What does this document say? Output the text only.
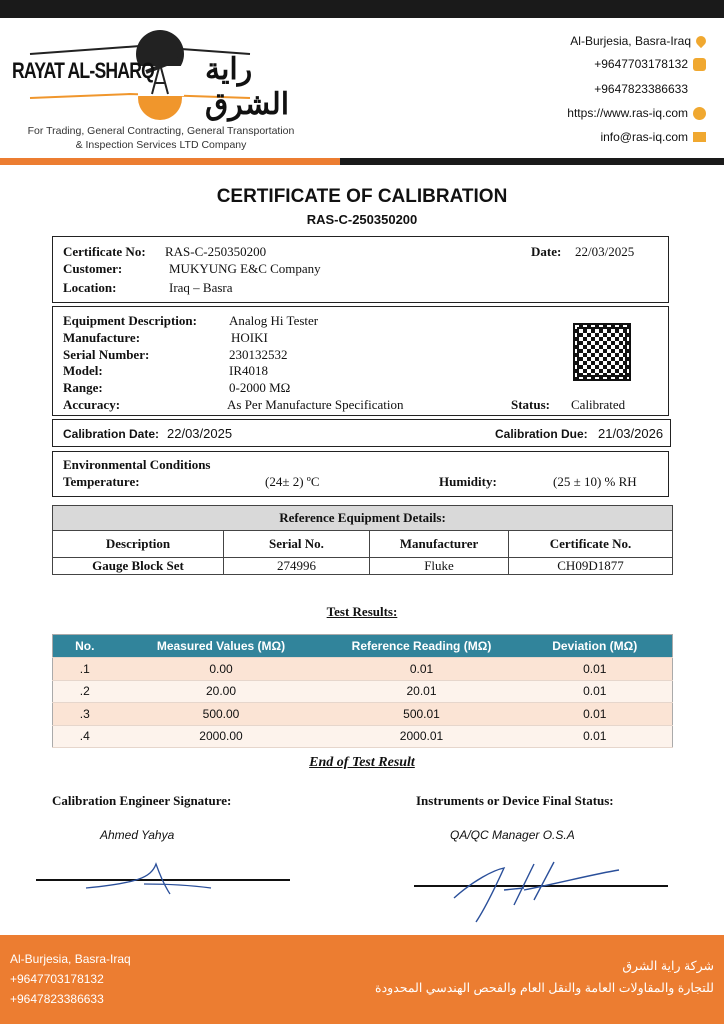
RAYAT AL-SHARQ راية الشرق
For Trading, General Contracting, General Transportation
& Inspection Services LTD Company
Al-Burjesia, Basra-Iraq
+9647703178132
+9647823386633
https://www.ras-iq.com
info@ras-iq.com
CERTIFICATE OF CALIBRATION
RAS-C-250350200
Certificate No: RAS-C-250350200	Date: 22/03/2025
Customer:	MUKYUNG E&C Company
Location:	Iraq – Basra
Equipment Description: Analog Hi Tester
Manufacture:	HOIKI
Serial Number:	230132532
Model:	IR4018
Range:	0-2000 MΩ
Accuracy:	As Per Manufacture Specification	Status: Calibrated
Calibration Date: 22/03/2025	Calibration Due: 21/03/2026
Environmental Conditions
Temperature:	(24± 2) ºC	Humidity:	(25 ± 10) % RH
Reference Equipment Details:			
Description	Serial No.	Manufacturer	Certificate No.
Gauge Block Set	274996	Fluke	CH09D1877
Test Results:
No.	Measured Values (MΩ)	Reference Reading (MΩ)	Deviation (MΩ)
.1	0.00	0.01	0.01
.2	20.00	20.01	0.01
.3	500.00	500.01	0.01
.4	2000.00	2000.01	0.01
End of Test Result
Calibration Engineer Signature:	Instruments or Device Final Status:
Ahmed Yahya	QA/QC Manager O.S.A
Al-Burjesia, Basra-Iraq
+9647703178132
+9647823386633
شركة راية الشرق
للتجارة والمقاولات العامة والنقل العام والفحص الهندسي المحدودة
